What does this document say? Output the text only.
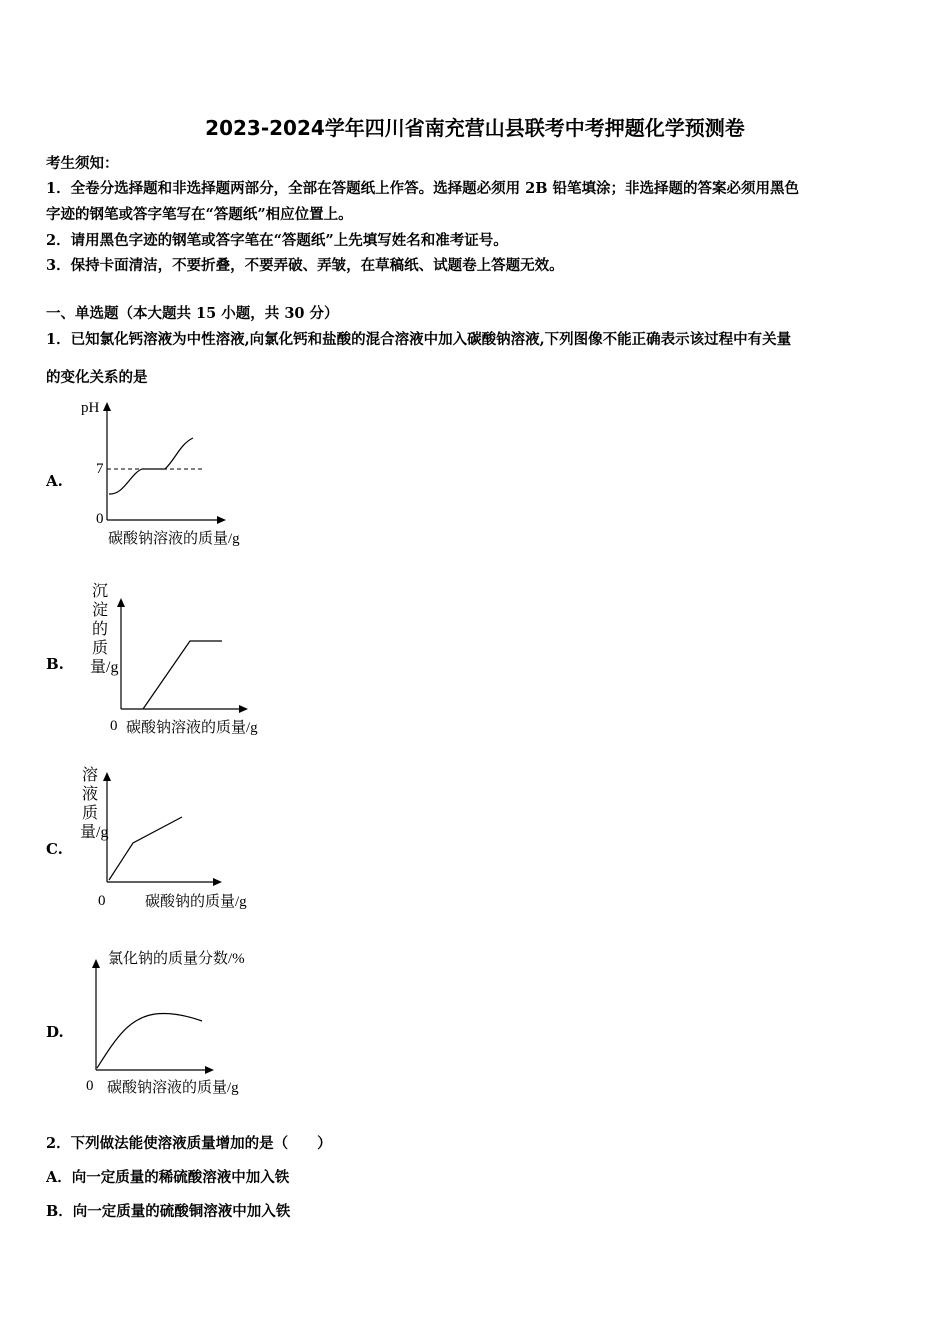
2023-2024学年四川省南充营山县联考中考押题化学预测卷
考生须知：
1．全卷分选择题和非选择题两部分，全部在答题纸上作答。选择题必须用 2B 铅笔填涂；非选择题的答案必须用黑色
字迹的钢笔或答字笔写在“答题纸”相应位置上。
2．请用黑色字迹的钢笔或答字笔在“答题纸”上先填写姓名和准考证号。
3．保持卡面清洁，不要折叠，不要弄破、弄皱，在草稿纸、试题卷上答题无效。
一、单选题（本大题共 15 小题，共 30 分）
1．已知氯化钙溶液为中性溶液,向氯化钙和盐酸的混合溶液中加入碳酸钠溶液,下列图像不能正确表示该过程中有关量
的变化关系的是
A.
pH
7
0
碳酸钠溶液的质量/g
B.
沉淀的质量/g
0 碳酸钠溶液的质量/g
C.
溶液质量/g
0	碳酸钠的质量/g
D.
氯化钠的质量分数/%
0 碳酸钠溶液的质量/g
2．下列做法能使溶液质量增加的是（　　）
A．向一定质量的稀硫酸溶液中加入铁
B．向一定质量的硫酸铜溶液中加入铁
